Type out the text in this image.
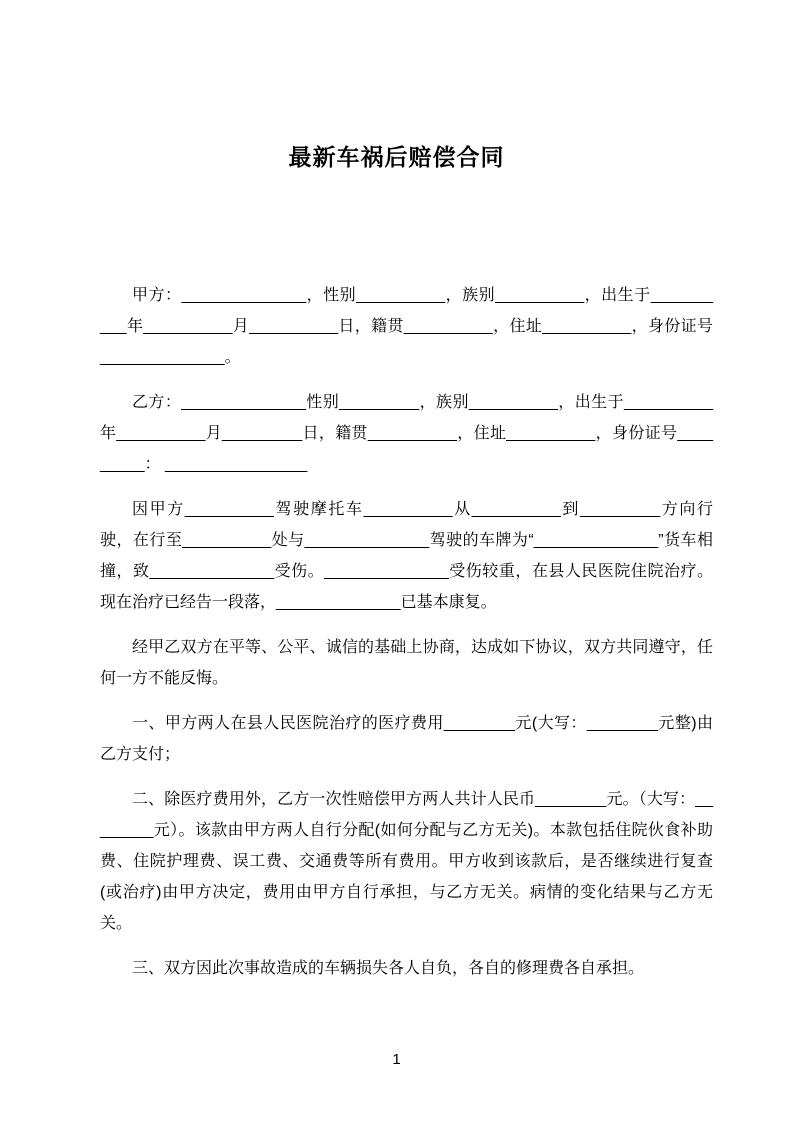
最新车祸后赔偿合同

甲方：______________，性别__________，族别__________，出生于__________年__________月__________日，籍贯__________，住址__________，身份证号______________。

乙方：______________性别_________，族别__________，出生于__________年__________月_________日，籍贯__________，住址__________，身份证号_________： ________________

因甲方__________驾驶摩托车__________从__________到_________方向行驶，在行至__________处与______________驾驶的车牌为“______________”货车相撞，致______________受伤。______________受伤较重，在县人民医院住院治疗。现在治疗已经告一段落，______________已基本康复。

经甲乙双方在平等、公平、诚信的基础上协商，达成如下协议，双方共同遵守，任何一方不能反悔。

一、甲方两人在县人民医院治疗的医疗费用________元(大写：________元整)由乙方支付；

二、除医疗费用外，乙方一次性赔偿甲方两人共计人民币________元。（大写：________元）。该款由甲方两人自行分配(如何分配与乙方无关)。本款包括住院伙食补助费、住院护理费、误工费、交通费等所有费用。甲方收到该款后，是否继续进行复查(或治疗)由甲方决定，费用由甲方自行承担，与乙方无关。病情的变化结果与乙方无关。

三、双方因此次事故造成的车辆损失各人自负，各自的修理费各自承担。

1
